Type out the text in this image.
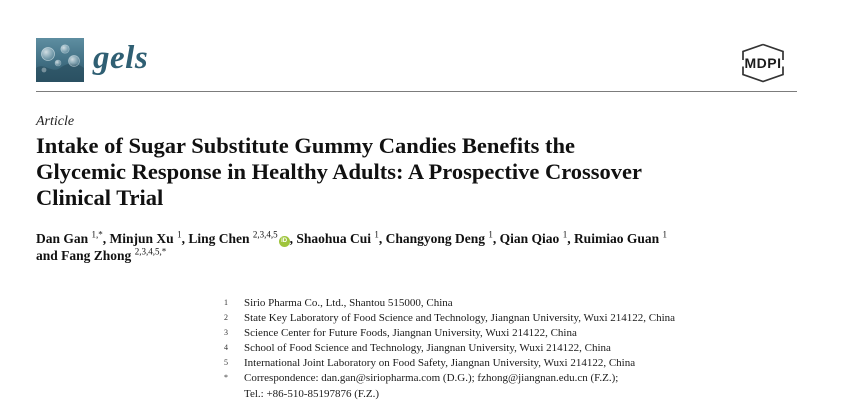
gels	MDPI
Article
Intake of Sugar Substitute Gummy Candies Benefits the
Glycemic Response in Healthy Adults: A Prospective Crossover
Clinical Trial
Dan Gan $^{1,*}$, Minjun Xu $^1$, Ling Chen $^{2,3,4,5}$iD , Shaohua Cui $^1$, Changyong Deng $^1$, Qian Qiao $^1$, Ruimiao Guan $^1$
and Fang Zhong $^{2,3,4,5,*}$
1	Sirio Pharma Co., Ltd., Shantou 515000, China
2	State Key Laboratory of Food Science and Technology, Jiangnan University, Wuxi 214122, China
3	Science Center for Future Foods, Jiangnan University, Wuxi 214122, China
4	School of Food Science and Technology, Jiangnan University, Wuxi 214122, China
5	International Joint Laboratory on Food Safety, Jiangnan University, Wuxi 214122, China
*	Correspondence: dan.gan@siriopharma.com (D.G.); fzhong@jiangnan.edu.cn (F.Z.);
Tel.: +86-510-85197876 (F.Z.)
